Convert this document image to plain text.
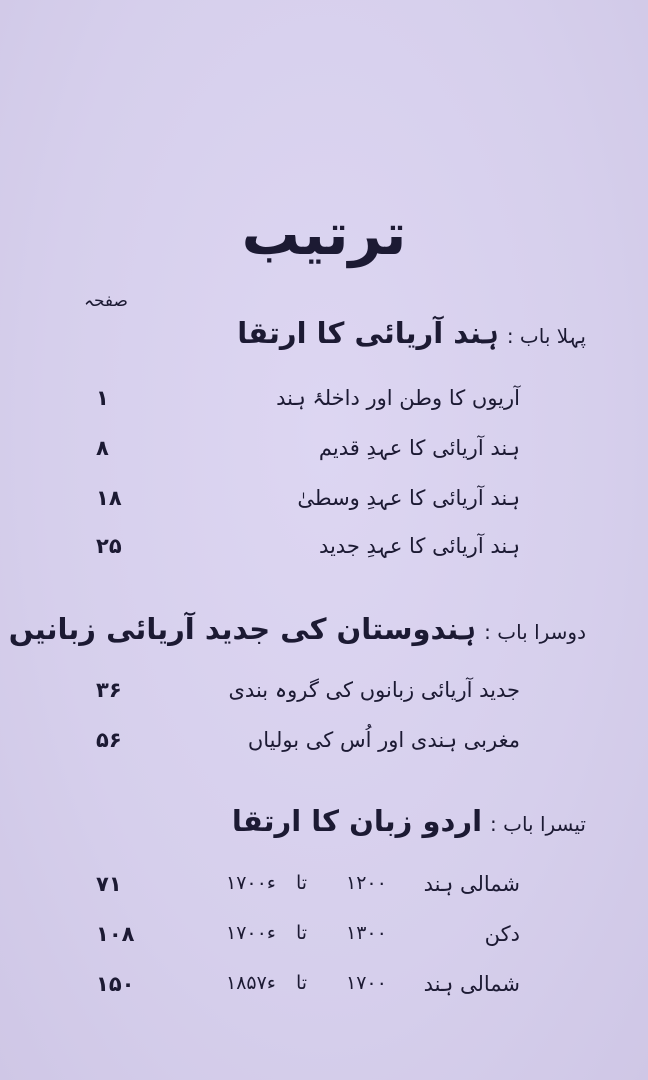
ترتیب
صفحہ
پہلا باب :ہند آریائی کا ارتقا
آریوں کا وطن اور داخلۂ ہند
۱
ہند آریائی کا عہدِ قدیم
۸
ہند آریائی کا عہدِ وسطیٰ
۱۸
ہند آریائی کا عہدِ جدید
۲۵
دوسرا باب :ہندوستان کی جدید آریائی زبانیں
جدید آریائی زبانوں کی گروہ بندی
۳۶
مغربی ہندی اور اُس کی بولیاں
۵۶
تیسرا باب :اردو زبان کا ارتقا
شمالی ہند
۱۲۰۰
تا
۱۷۰۰ء
۷۱
دکن
۱۳۰۰
تا
۱۷۰۰ء
۱۰۸
شمالی ہند
۱۷۰۰
تا
۱۸۵۷ء
۱۵۰
